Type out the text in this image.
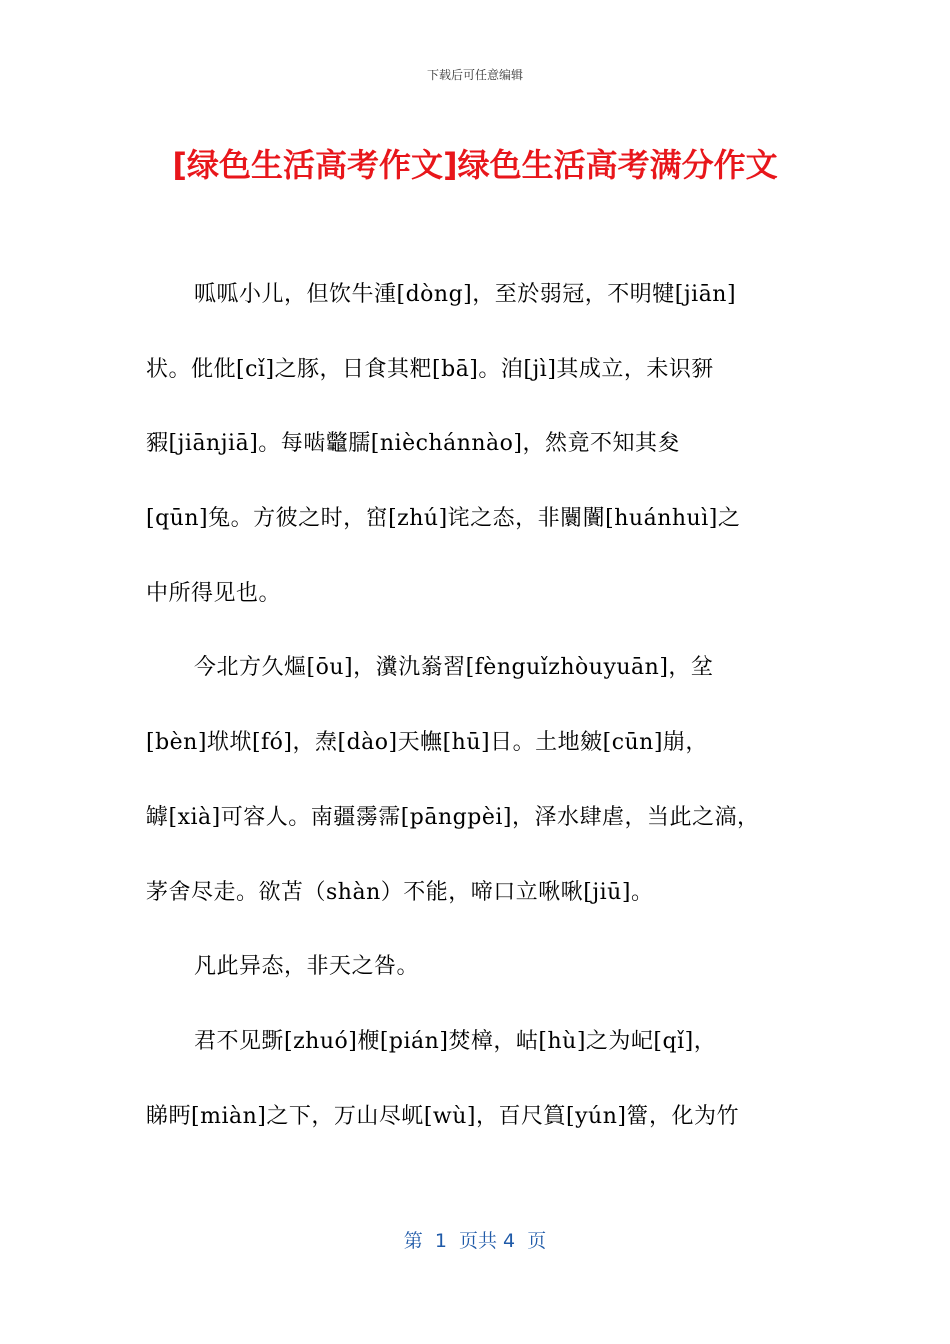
下载后可任意编辑
[绿色生活高考作文]绿色生活高考满分作文
呱呱小儿，但饮牛湩[dòng]，至於弱冠，不明犍[jiān]
状。仳仳[cǐ]之豚，日食其粑[bā]。洎[jì]其成立，未识豜
豭[jiānjiā]。每啮龞臑[nièchánnào]，然竟不知其夋
[qūn]兔。方彼之时，窋[zhú]诧之态，非闤闠[huánhuì]之
中所得见也。
今北方久熰[ōu]，瀵氿嵡習[fènguǐzhòuyuān]，坌
[bèn]垘垘[fó]，焘[dào]天幠[hū]日。土地皴[cūn]崩，
罅[xià]可容人。南疆霶霈[pāngpèi]，泽水肆虐，当此之滈，
茅舍尽走。欲苫（shàn）不能，啼口立啾啾[jiū]。
凡此异态，非天之咎。
君不见斲[zhuó]楩[pián]焚樟，岵[hù]之为屺[qǐ]，
睇眄[miàn]之下，万山尽屼[wù]，百尺篔[yún]簹，化为竹
第  1  页共 4  页
